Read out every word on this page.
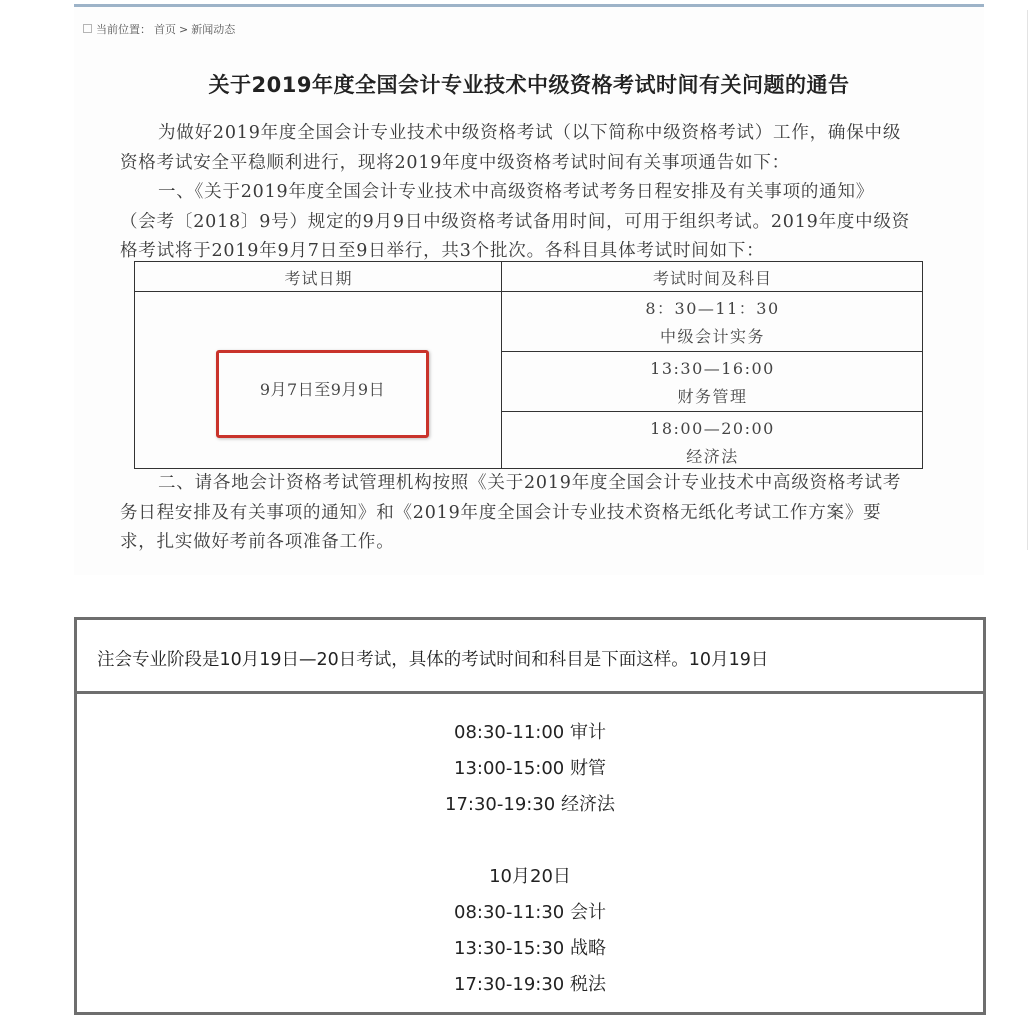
当前位置： 首页 > 新闻动态
关于2019年度全国会计专业技术中级资格考试时间有关问题的通告
为做好2019年度全国会计专业技术中级资格考试（以下简称中级资格考试）工作，确保中级
资格考试安全平稳顺利进行，现将2019年度中级资格考试时间有关事项通告如下：
一、《关于2019年度全国会计专业技术中高级资格考试考务日程安排及有关事项的通知》
（会考〔2018〕9号）规定的9月9日中级资格考试备用时间，可用于组织考试。2019年度中级资
格考试将于2019年9月7日至9日举行，共3个批次。各科目具体考试时间如下：
考试日期	考试时间及科目
9月7日至9月9日
8：30—11：30
中级会计实务
13:30—16:00
财务管理
18:00—20:00
经济法
二、请各地会计资格考试管理机构按照《关于2019年度全国会计专业技术中高级资格考试考
务日程安排及有关事项的通知》和《2019年度全国会计专业技术资格无纸化考试工作方案》要
求，扎实做好考前各项准备工作。
注会专业阶段是10月19日—20日考试，具体的考试时间和科目是下面这样。10月19日
08:30-11:00 审计
13:00-15:00 财管
17:30-19:30 经济法
10月20日
08:30-11:30 会计
13:30-15:30 战略
17:30-19:30 税法
